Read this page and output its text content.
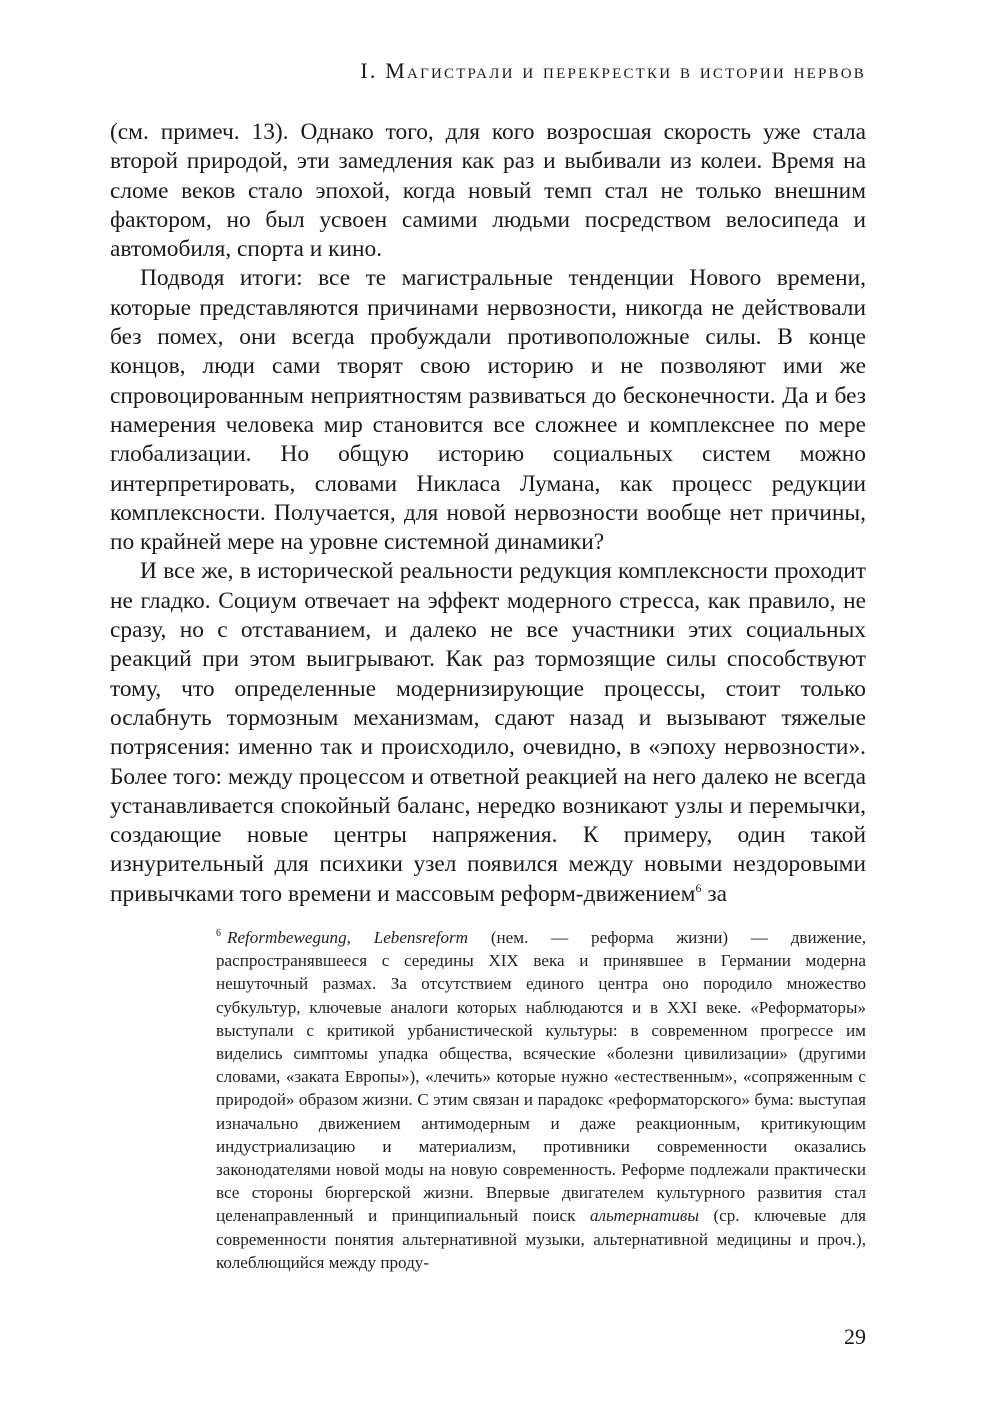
I. Магистрали и перекрестки в истории нервов

(см. примеч. 13). Однако того, для кого возросшая скорость уже стала второй природой, эти замедления как раз и выбивали из колеи. Время на сломе веков стало эпохой, когда новый темп стал не только внешним фактором, но был усвоен самими людьми посредством велосипеда и автомобиля, спорта и кино.

Подводя итоги: все те магистральные тенденции Нового времени, которые представляются причинами нервозности, никогда не действовали без помех, они всегда пробуждали противоположные силы. В конце концов, люди сами творят свою историю и не позволяют ими же спровоцированным неприятностям развиваться до бесконечности. Да и без намерения человека мир становится все сложнее и комплекснее по мере глобализации. Но общую историю социальных систем можно интерпретировать, словами Никласа Лумана, как процесс редукции комплексности. Получается, для новой нервозности вообще нет причины, по крайней мере на уровне системной динамики?

И все же, в исторической реальности редукция комплексности проходит не гладко. Социум отвечает на эффект модерного стресса, как правило, не сразу, но с отставанием, и далеко не все участники этих социальных реакций при этом выигрывают. Как раз тормозящие силы способствуют тому, что определенные модернизирующие процессы, стоит только ослабнуть тормозным механизмам, сдают назад и вызывают тяжелые потрясения: именно так и происходило, очевидно, в «эпоху нервозности». Более того: между процессом и ответной реакцией на него далеко не всегда устанавливается спокойный баланс, нередко возникают узлы и перемычки, создающие новые центры напряжения. К примеру, один такой изнурительный для психики узел появился между новыми нездоровыми привычками того времени и массовым реформ-движением$^6$ за

$^6$ Reformbewegung, Lebensreform (нем. — реформа жизни) — движение, распространявшееся с середины XIX века и принявшее в Германии модерна нешуточный размах. За отсутствием единого центра оно породило множество субкультур, ключевые аналоги которых наблюдаются и в XXI веке. «Реформаторы» выступали с критикой урбанистической культуры: в современном прогрессе им виделись симптомы упадка общества, всяческие «болезни цивилизации» (другими словами, «заката Европы»), «лечить» которые нужно «естественным», «сопряженным с природой» образом жизни. С этим связан и парадокс «реформаторского» бума: выступая изначально движением антимодерным и даже реакционным, критикующим индустриализацию и материализм, противники современности оказались законодателями новой моды на новую современность. Реформе подлежали практически все стороны бюргерской жизни. Впервые двигателем культурного развития стал целенаправленный и принципиальный поиск альтернативы (ср. ключевые для современности понятия альтернативной музыки, альтернативной медицины и проч.), колеблющийся между проду-

29
